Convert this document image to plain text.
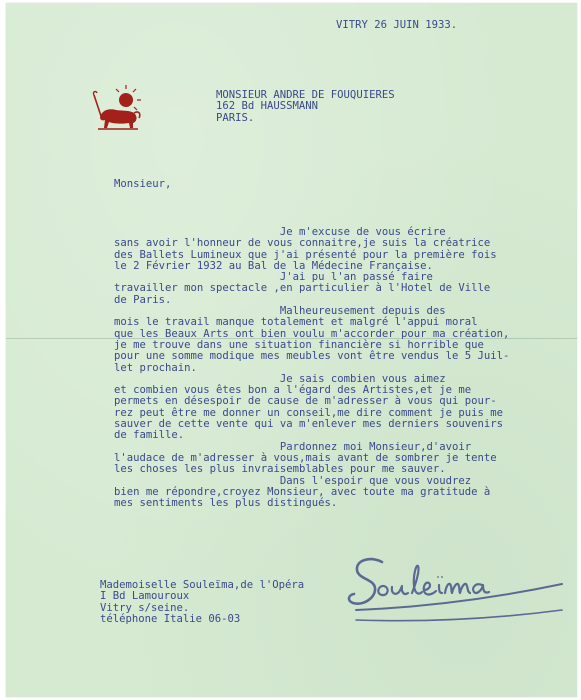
VITRY 26 JUIN 1933.

MONSIEUR ANDRE DE FOUQUIERES
162 Bd HAUSSMANN
PARIS.

Monsieur,

Je m'excuse de vous écrire
sans avoir l'honneur de vous connaitre,je suis la créatrice
des Ballets Lumineux que j'ai présenté pour la première fois
le 2 Février 1932 au Bal de la Médecine Française.
J'ai pu l'an passé faire
travailler mon spectacle ,en particulier à l'Hotel de Ville
de Paris.
Malheureusement depuis des
mois le travail manque totalement et malgré l'appui moral
que les Beaux Arts ont bien voulu m'accorder pour ma création,
je me trouve dans une situation financière si horrible que
pour une somme modique mes meubles vont être vendus le 5 Juil-
let prochain.
Je sais combien vous aimez
et combien vous êtes bon a l'égard des Artistes,et je me
permets en désespoir de cause de m'adresser à vous qui pour-
rez peut être me donner un conseil,me dire comment je puis me
sauver de cette vente qui va m'enlever mes derniers souvenirs
de famille.
Pardonnez moi Monsieur,d'avoir
l'audace de m'adresser à vous,mais avant de sombrer je tente
les choses les plus invraisemblables pour me sauver.
Dans l'espoir que vous voudrez
bien me répondre,croyez Monsieur, avec toute ma gratitude à
mes sentiments les plus distingués.
Mademoiselle Souleïma,de l'Opéra
I Bd Lamouroux
Vitry s/seine.
téléphone Italie 06-03
